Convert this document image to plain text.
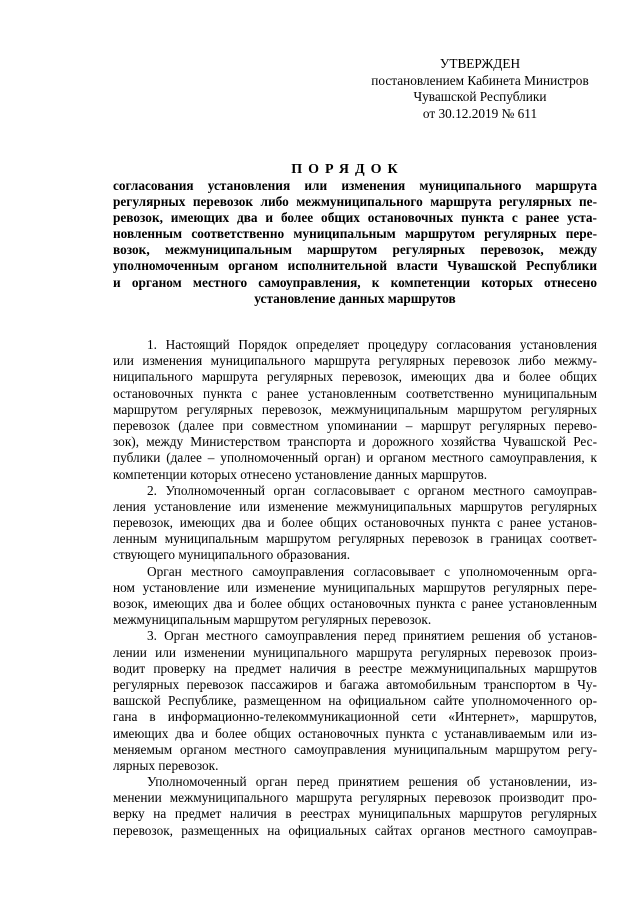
УТВЕРЖДЕН
постановлением Кабинета Министров
Чувашской Республики
от 30.12.2019 № 611
ПОРЯДОК
согласования установления или изменения муниципального маршрута
регулярных перевозок либо межмуниципального маршрута регулярных пе-
ревозок, имеющих два и более общих остановочных пункта с ранее уста-
новленным соответственно муниципальным маршрутом регулярных пере-
возок, межмуниципальным маршрутом регулярных перевозок, между
уполномоченным органом исполнительной власти Чувашской Республики
и органом местного самоуправления, к компетенции которых отнесено
установление данных маршрутов
1. Настоящий Порядок определяет процедуру согласования установления
или изменения муниципального маршрута регулярных перевозок либо межму-
ниципального маршрута регулярных перевозок, имеющих два и более общих
остановочных пункта с ранее установленным соответственно муниципальным
маршрутом регулярных перевозок, межмуниципальным маршрутом регулярных
перевозок (далее при совместном упоминании – маршрут регулярных перево-
зок), между Министерством транспорта и дорожного хозяйства Чувашской Рес-
публики (далее – уполномоченный орган) и органом местного самоуправления, к
компетенции которых отнесено установление данных маршрутов.
2. Уполномоченный орган согласовывает с органом местного самоуправ-
ления установление или изменение межмуниципальных маршрутов регулярных
перевозок, имеющих два и более общих остановочных пункта с ранее установ-
ленным муниципальным маршрутом регулярных перевозок в границах соответ-
ствующего муниципального образования.
Орган местного самоуправления согласовывает с уполномоченным орга-
ном установление или изменение муниципальных маршрутов регулярных пере-
возок, имеющих два и более общих остановочных пункта с ранее установленным
межмуниципальным маршрутом регулярных перевозок.
3. Орган местного самоуправления перед принятием решения об установ-
лении или изменении муниципального маршрута регулярных перевозок произ-
водит проверку на предмет наличия в реестре межмуниципальных маршрутов
регулярных перевозок пассажиров и багажа автомобильным транспортом в Чу-
вашской Республике, размещенном на официальном сайте уполномоченного ор-
гана в информационно-телекоммуникационной сети «Интернет», маршрутов,
имеющих два и более общих остановочных пункта с устанавливаемым или из-
меняемым органом местного самоуправления муниципальным маршрутом регу-
лярных перевозок.
Уполномоченный орган перед принятием решения об установлении, из-
менении межмуниципального маршрута регулярных перевозок производит про-
верку на предмет наличия в реестрах муниципальных маршрутов регулярных
перевозок, размещенных на официальных сайтах органов местного самоуправ-
